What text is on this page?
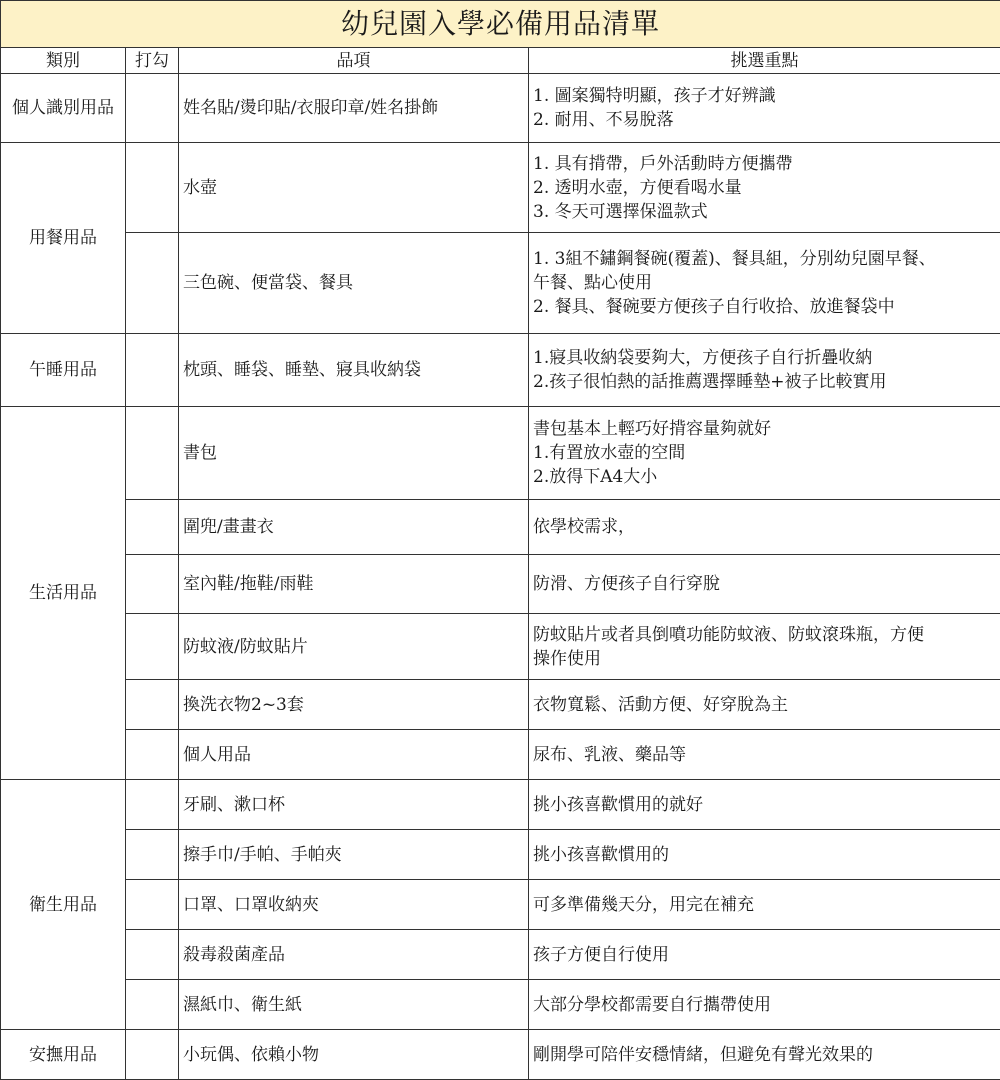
幼兒園入學必備用品清單			
類別	打勾	品項	挑選重點
個人識別用品		姓名貼/燙印貼/衣服印章/姓名掛飾	1. 圖案獨特明顯，孩子才好辨識
2. 耐用、不易脫落

用餐用品		水壺	1. 具有揹帶，戶外活動時方便攜帶
2. 透明水壺，方便看喝水量
3. 冬天可選擇保溫款式

		三色碗、便當袋、餐具	1. 3組不鏽鋼餐碗(覆蓋)、餐具組，分別幼兒園早餐、
午餐、點心使用
2. 餐具、餐碗要方便孩子自行收拾、放進餐袋中

午睡用品		枕頭、睡袋、睡墊、寢具收納袋	1.寢具收納袋要夠大，方便孩子自行折疊收納
2.孩子很怕熱的話推薦選擇睡墊+被子比較實用

生活用品		書包	書包基本上輕巧好揹容量夠就好
1.有置放水壺的空間
2.放得下A4大小

		圍兜/畫畫衣	依學校需求，

		室內鞋/拖鞋/雨鞋	防滑、方便孩子自行穿脫

		防蚊液/防蚊貼片	防蚊貼片或者具倒噴功能防蚊液、防蚊滾珠瓶，方便
操作使用

		換洗衣物2~3套	衣物寬鬆、活動方便、好穿脫為主

		個人用品	尿布、乳液、藥品等

衛生用品		牙刷、漱口杯	挑小孩喜歡慣用的就好

		擦手巾/手帕、手帕夾	挑小孩喜歡慣用的

		口罩、口罩收納夾	可多準備幾天分，用完在補充

		殺毒殺菌產品	孩子方便自行使用

		濕紙巾、衛生紙	大部分學校都需要自行攜帶使用

安撫用品		小玩偶、依賴小物	剛開學可陪伴安穩情緒，但避免有聲光效果的
